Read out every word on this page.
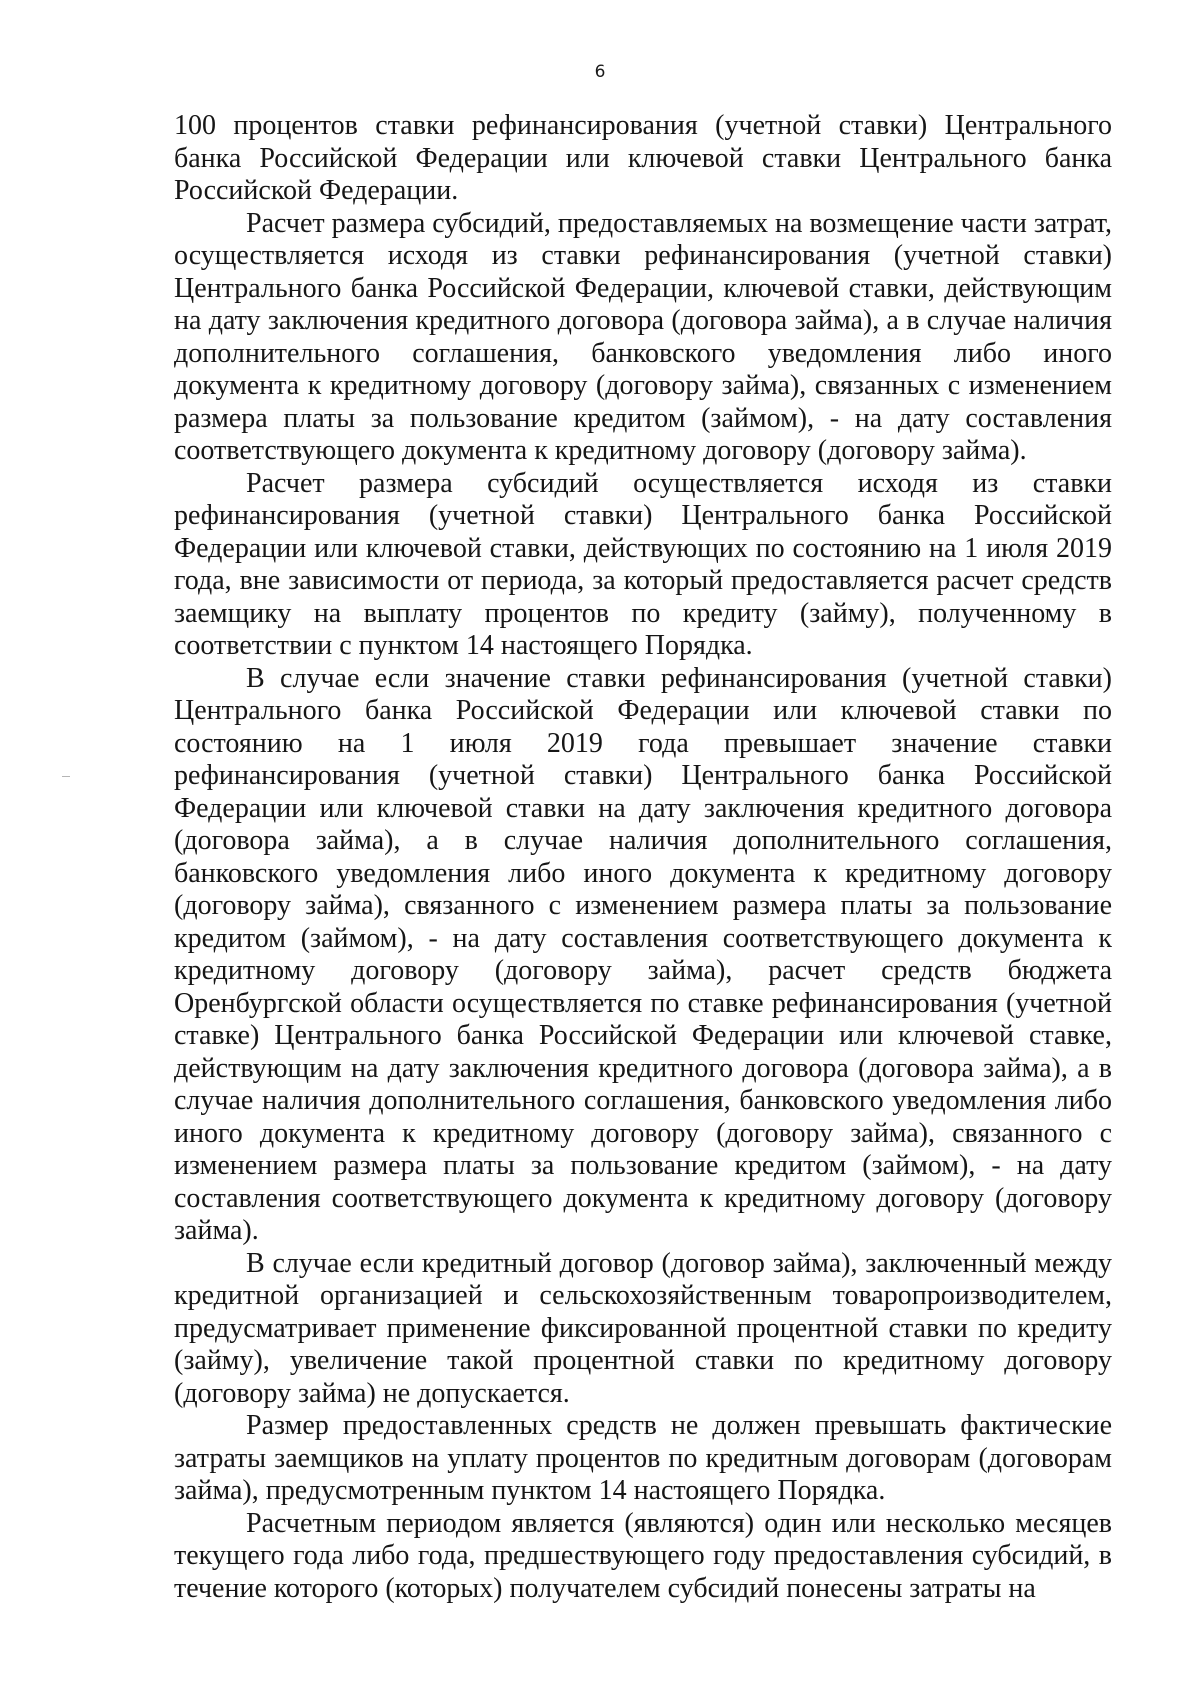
6

100 процентов ставки рефинансирования (учетной ставки) Центрального банка Российской Федерации или ключевой ставки Центрального банка Российской Федерации.

Расчет размера субсидий, предоставляемых на возмещение части затрат, осуществляется исходя из ставки рефинансирования (учетной ставки) Центрального банка Российской Федерации, ключевой ставки, действующим на дату заключения кредитного договора (договора займа), а в случае наличия дополнительного соглашения, банковского уведомления либо иного документа к кредитному договору (договору займа), связанных с изменением размера платы за пользование кредитом (займом), - на дату составления соответствующего документа к кредитному договору (договору займа).

Расчет размера субсидий осуществляется исходя из ставки рефинансирования (учетной ставки) Центрального банка Российской Федерации или ключевой ставки, действующих по состоянию на 1 июля 2019 года, вне зависимости от периода, за который предоставляется расчет средств заемщику на выплату процентов по кредиту (займу), полученному в соответствии с пунктом 14 настоящего Порядка.

В случае если значение ставки рефинансирования (учетной ставки) Центрального банка Российской Федерации или ключевой ставки по состоянию на 1 июля 2019 года превышает значение ставки рефинансирования (учетной ставки) Центрального банка Российской Федерации или ключевой ставки на дату заключения кредитного договора (договора займа), а в случае наличия дополнительного соглашения, банковского уведомления либо иного документа к кредитному договору (договору займа), связанного с изменением размера платы за пользование кредитом (займом), - на дату составления соответствующего документа к кредитному договору (договору займа), расчет средств бюджета Оренбургской области осуществляется по ставке рефинансирования (учетной ставке) Центрального банка Российской Федерации или ключевой ставке, действующим на дату заключения кредитного договора (договора займа), а в случае наличия дополнительного соглашения, банковского уведомления либо иного документа к кредитному договору (договору займа), связанного с изменением размера платы за пользование кредитом (займом), - на дату составления соответствующего документа к кредитному договору (договору займа).

В случае если кредитный договор (договор займа), заключенный между кредитной организацией и сельскохозяйственным товаропроизводителем, предусматривает применение фиксированной процентной ставки по кредиту (займу), увеличение такой процентной ставки по кредитному договору (договору займа) не допускается.

Размер предоставленных средств не должен превышать фактические затраты заемщиков на уплату процентов по кредитным договорам (договорам займа), предусмотренным пунктом 14 настоящего Порядка.

Расчетным периодом является (являются) один или несколько месяцев текущего года либо года, предшествующего году предоставления субсидий, в течение которого (которых) получателем субсидий понесены затраты на
